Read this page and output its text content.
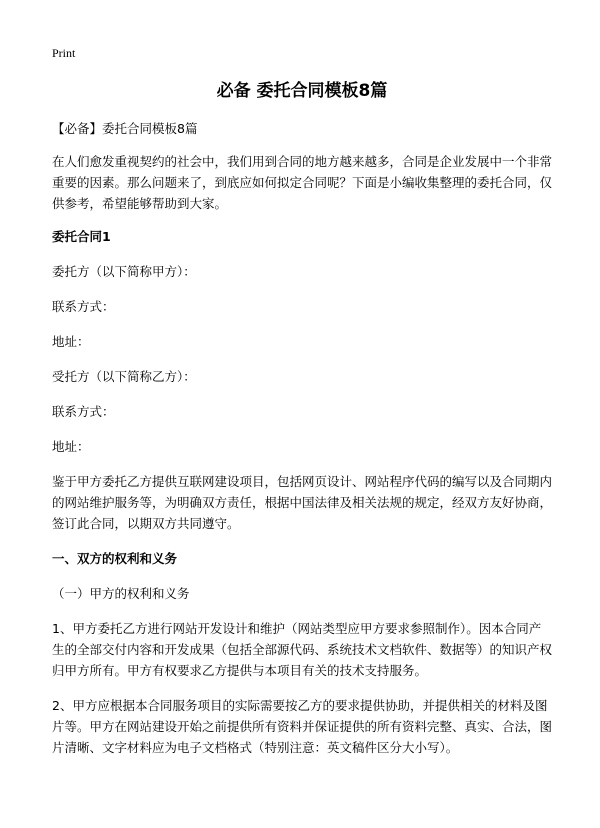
Print
必备 委托合同模板8篇

【必备】委托合同模板8篇

在人们愈发重视契约的社会中，我们用到合同的地方越来越多，合同是企业发展中一个非常重要的因素。那么问题来了，到底应如何拟定合同呢？下面是小编收集整理的委托合同，仅供参考，希望能够帮助到大家。

委托合同1

委托方（以下简称甲方）：

联系方式：

地址：

受托方（以下简称乙方）：

联系方式：

地址：

鉴于甲方委托乙方提供互联网建设项目，包括网页设计、网站程序代码的编写以及合同期内的网站维护服务等，为明确双方责任，根据中国法律及相关法规的规定，经双方友好协商，签订此合同，以期双方共同遵守。

一、双方的权利和义务

（一）甲方的权利和义务

1、甲方委托乙方进行网站开发设计和维护（网站类型应甲方要求参照制作）。因本合同产生的全部交付内容和开发成果（包括全部源代码、系统技术文档软件、数据等）的知识产权归甲方所有。甲方有权要求乙方提供与本项目有关的技术支持服务。

2、甲方应根据本合同服务项目的实际需要按乙方的要求提供协助，并提供相关的材料及图片等。甲方在网站建设开始之前提供所有资料并保证提供的所有资料完整、真实、合法，图片清晰、文字材料应为电子文档格式（特别注意：英文稿件区分大小写）。
